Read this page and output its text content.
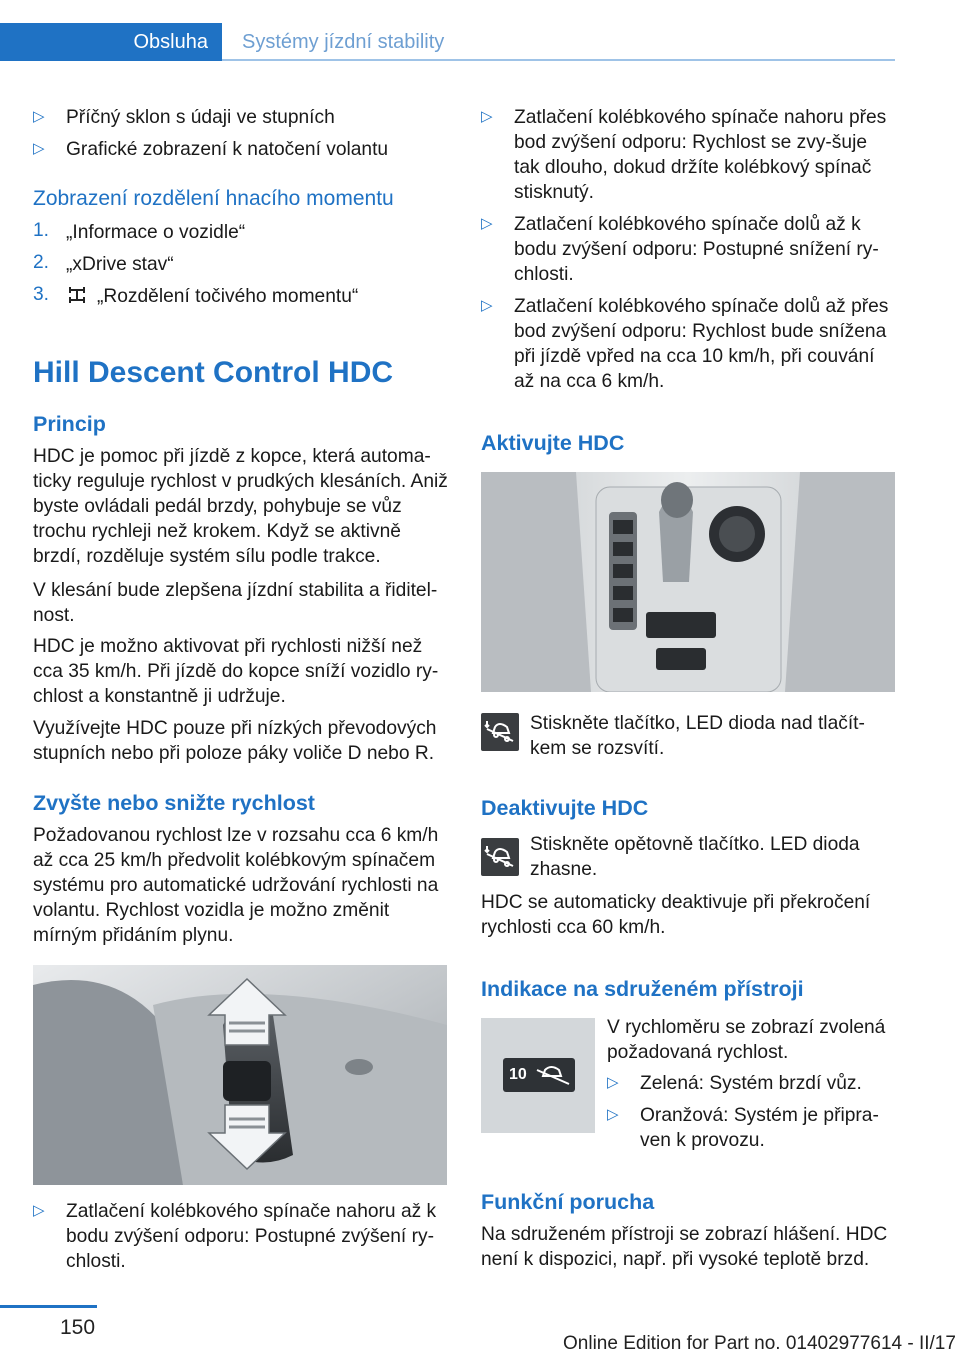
Obsluha	Systémy jízdní stability
▷ Příčný sklon s údaji ve stupních
▷ Grafické zobrazení k natočení volantu
Zobrazení rozdělení hnacího momentu
1. „Informace o vozidle“
2. „xDrive stav“
3. „Rozdělení točivého momentu“
Hill Descent Control HDC
Princip

HDC je pomoc při jízdě z kopce, která automa-ticky reguluje rychlost v prudkých klesáních. Aniž byste ovládali pedál brzdy, pohybuje se vůz trochu rychleji než krokem. Když se aktivně brzdí, rozděluje systém sílu podle trakce.

V klesání bude zlepšena jízdní stabilita a řiditel-nost.

HDC je možno aktivovat při rychlosti nižší než cca 35 km/h. Při jízdě do kopce sníží vozidlo ry-chlost a konstantně ji udržuje.

Využívejte HDC pouze při nízkých převodových stupních nebo při poloze páky voliče D nebo R.

Zvyšte nebo snižte rychlost

Požadovanou rychlost lze v rozsahu cca 6 km/h až cca 25 km/h předvolit kolébkovým spínačem systému pro automatické udržování rychlosti na volantu. Rychlost vozidla je možno změnit mírným přidáním plynu.

▷ Zatlačení kolébkového spínače nahoru až k bodu zvýšení odporu: Postupné zvýšení ry-chlosti.
▷ Zatlačení kolébkového spínače nahoru přes bod zvýšení odporu: Rychlost se zvy-šuje tak dlouho, dokud držíte kolébkový spínač stisknutý.
▷ Zatlačení kolébkového spínače dolů až k bodu zvýšení odporu: Postupné snížení ry-chlosti.
▷ Zatlačení kolébkového spínače dolů až přes bod zvýšení odporu: Rychlost bude snížena při jízdě vpřed na cca 10 km/h, při couvání až na cca 6 km/h.
Aktivujte HDC

Stiskněte tlačítko, LED dioda nad tlačít-kem se rozsvítí.

Deaktivujte HDC

Stiskněte opětovně tlačítko. LED dioda zhasne.

HDC se automaticky deaktivuje při překročení rychlosti cca 60 km/h.

Indikace na sdruženém přístroji
10

V rychloměru se zobrazí zvolená požadovaná rychlost.

▷ Zelená: Systém brzdí vůz.
▷ Oranžová: Systém je připra-ven k provozu.
Funkční porucha

Na sdruženém přístroji se zobrazí hlášení. HDC není k dispozici, např. při vysoké teplotě brzd.

150
Online Edition for Part no. 01402977614 - II/17
